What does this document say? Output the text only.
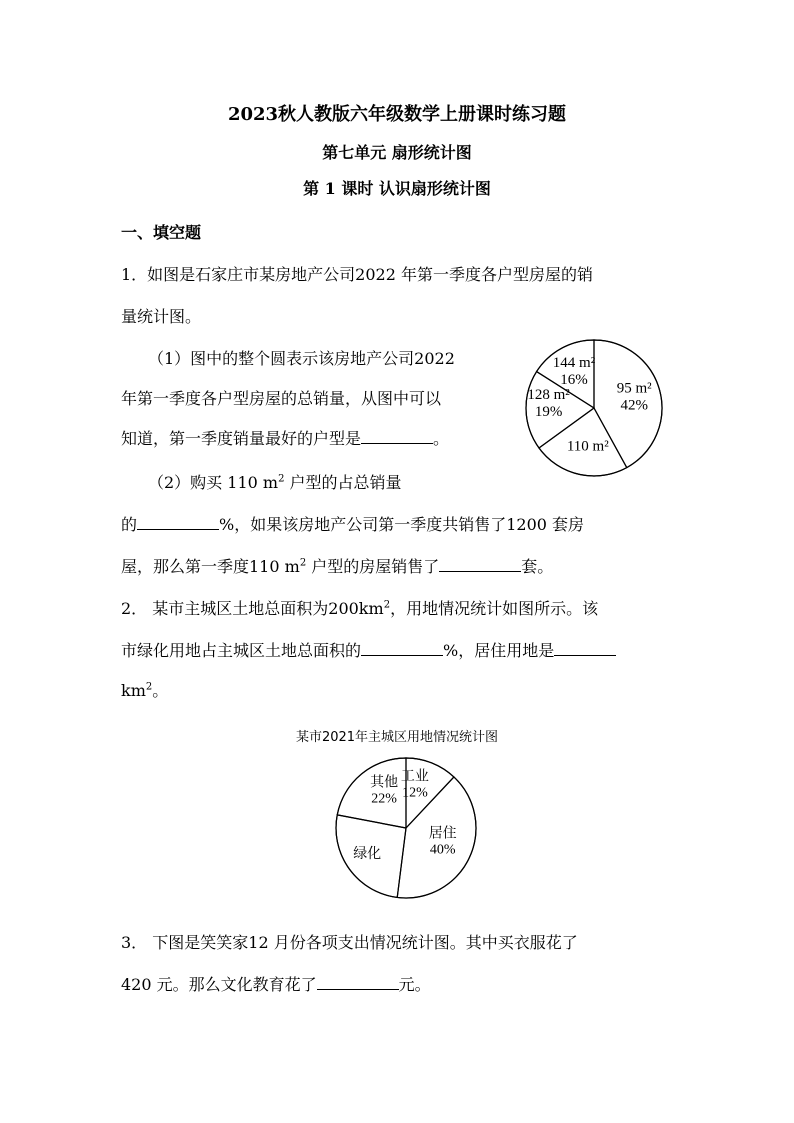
2023秋人教版六年级数学上册课时练习题
第七单元 扇形统计图
第 1 课时 认识扇形统计图
一、填空题
1．如图是石家庄市某房地产公司2022 年第一季度各户型房屋的销
量统计图。
（1）图中的整个圆表示该房地产公司2022
年第一季度各户型房屋的总销量，从图中可以
知道，第一季度销量最好的户型是	。
（2）购买 110 $m^2$ 户型的占总销量
的	%，如果该房地产公司第一季度共销售了1200 套房
屋，那么第一季度110 $m^2$ 户型的房屋销售了	套。
95 m²
42%
110 m²
128 m²
19%
144 m²
16%
2． 某市主城区土地总面积为$200km^2$，用地情况统计如图所示。该
市绿化用地占主城区土地总面积的	%，居住用地是
$km^2$。
某市2021年主城区用地情况统计图
工业
12%
居住
40%
绿化
其他
22%
3． 下图是笑笑家12 月份各项支出情况统计图。其中买衣服花了
420 元。那么文化教育花了	元。
